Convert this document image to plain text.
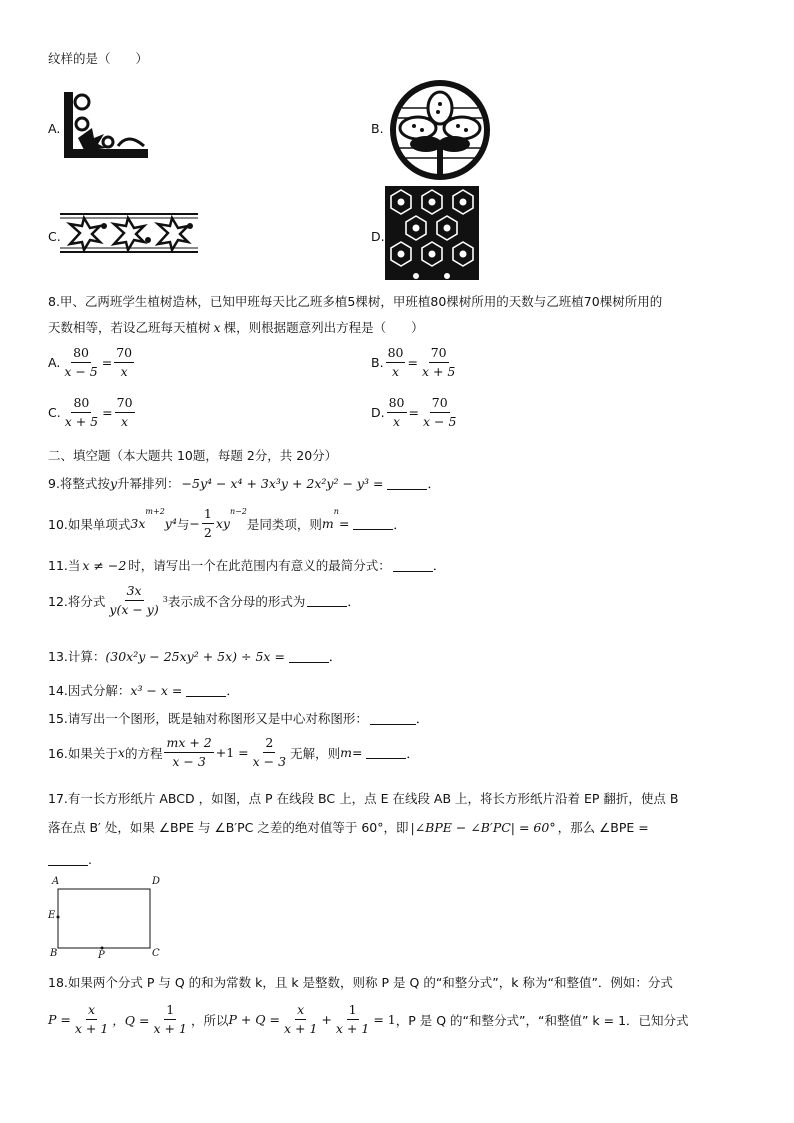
纹样的是（　　）
A.	B.
C.	D.
8.甲、乙两班学生植树造林，已知甲班每天比乙班多植5棵树，甲班植80棵树所用的天数与乙班植70棵树所用的
天数相等，若设乙班每天植树 x 棵，则根据题意列出方程是（　　）
A. $\frac{80}{x - 5} = \frac{70}{x}$	B. $\frac{80}{x} = \frac{70}{x + 5}$
C. $\frac{80}{x + 5} = \frac{70}{x}$	D. $\frac{80}{x} = \frac{70}{x - 5}$
二、填空题（本大题共 10题，每题 2分，共 20分）
9.将整式按 y 升幂排列： −5y⁴ − x⁴ + 3x³y + 2x²y² − y³ =	．
10.如果单项式 3x
m+2
y⁴ 与 − $\frac{1}{2}$ xy
n−2
是同类项，则 m
n
=	．
11.当 x ≠ −2 时，请写出一个在此范围内有意义的最简分式：	．
12.将分式 $\frac{3x}{y(x - y)} 3$ 表示成不含分母的形式为	．
13.计算： (30x²y − 25xy² + 5x) ÷ 5x =	．
14.因式分解： x³ − x =	．
15.请写出一个图形，既是轴对称图形又是中心对称图形：	．
16.如果关于 x 的方程 $\frac{mx + 2}{x - 3} +1 = \frac{2}{x - 3}$ 无解，则 m =	．
17.有一长方形纸片 ABCD ，如图，点 P 在线段 BC 上，点 E 在线段 AB 上，将长方形纸片沿着 EP 翻折，使点 B
落在点 B′ 处，如果 ∠BPE 与 ∠B′PC 之差的绝对值等于 60°，即 |∠BPE − ∠B′PC| = 60° ，那么 ∠BPE =
.
A	D
E
B	P	C
18.如果两个分式 P 与 Q 的和为常数 k，且 k 是整数，则称 P 是 Q 的“和整分式”，k 称为“和整值”．例如：分式
$P = \frac{x}{x + 1}$ ，$Q = \frac{1}{x + 1}$ ，所以 $P + Q = \frac{x}{x + 1} + \frac{1}{x + 1} = 1$ ，P 是 Q 的“和整分式”，“和整值” k = 1．已知分式
